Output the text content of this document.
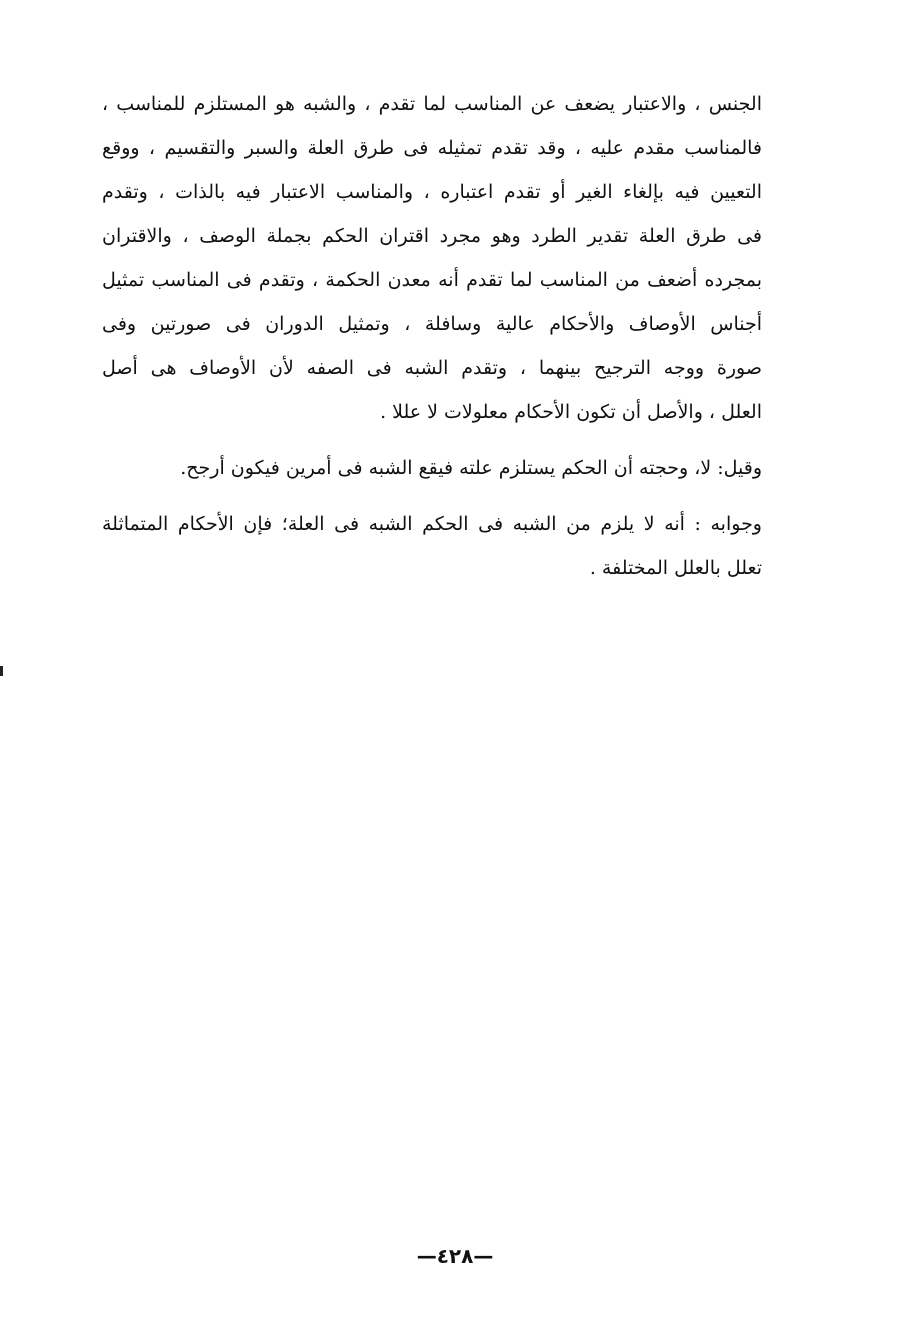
الجنس ، والاعتبار يضعف عن المناسب لما تقدم ، والشبه هو المستلزم للمناسب ،
فالمناسب مقدم عليه ، وقد تقدم تمثيله فى طرق العلة والسبر والتقسيم ، ووقع
التعيين فيه بإلغاء الغير أو تقدم اعتباره ، والمناسب الاعتبار فيه بالذات ، وتقدم
فى طرق العلة تقدير الطرد وهو مجرد اقتران الحكم بجملة الوصف ، والاقتران
بمجرده أضعف من المناسب لما تقدم أنه معدن الحكمة ، وتقدم فى المناسب تمثيل
أجناس الأوصاف والأحكام عالية وسافلة ، وتمثيل الدوران فى صورتين وفى
صورة ووجه الترجيح بينهما ، وتقدم الشبه فى الصفه لأن الأوصاف هى أصل
العلل ، والأصل أن تكون الأحكام معلولات لا عللا .
وقيل: لا، وحجته أن الحكم يستلزم علته فيقع الشبه فى أمرين فيكون أرجح.
وجوابه : أنه لا يلزم من الشبه فى الحكم الشبه فى العلة؛ فإن الأحكام المتماثلة
تعلل بالعلل المختلفة .
—٤٢٨—
